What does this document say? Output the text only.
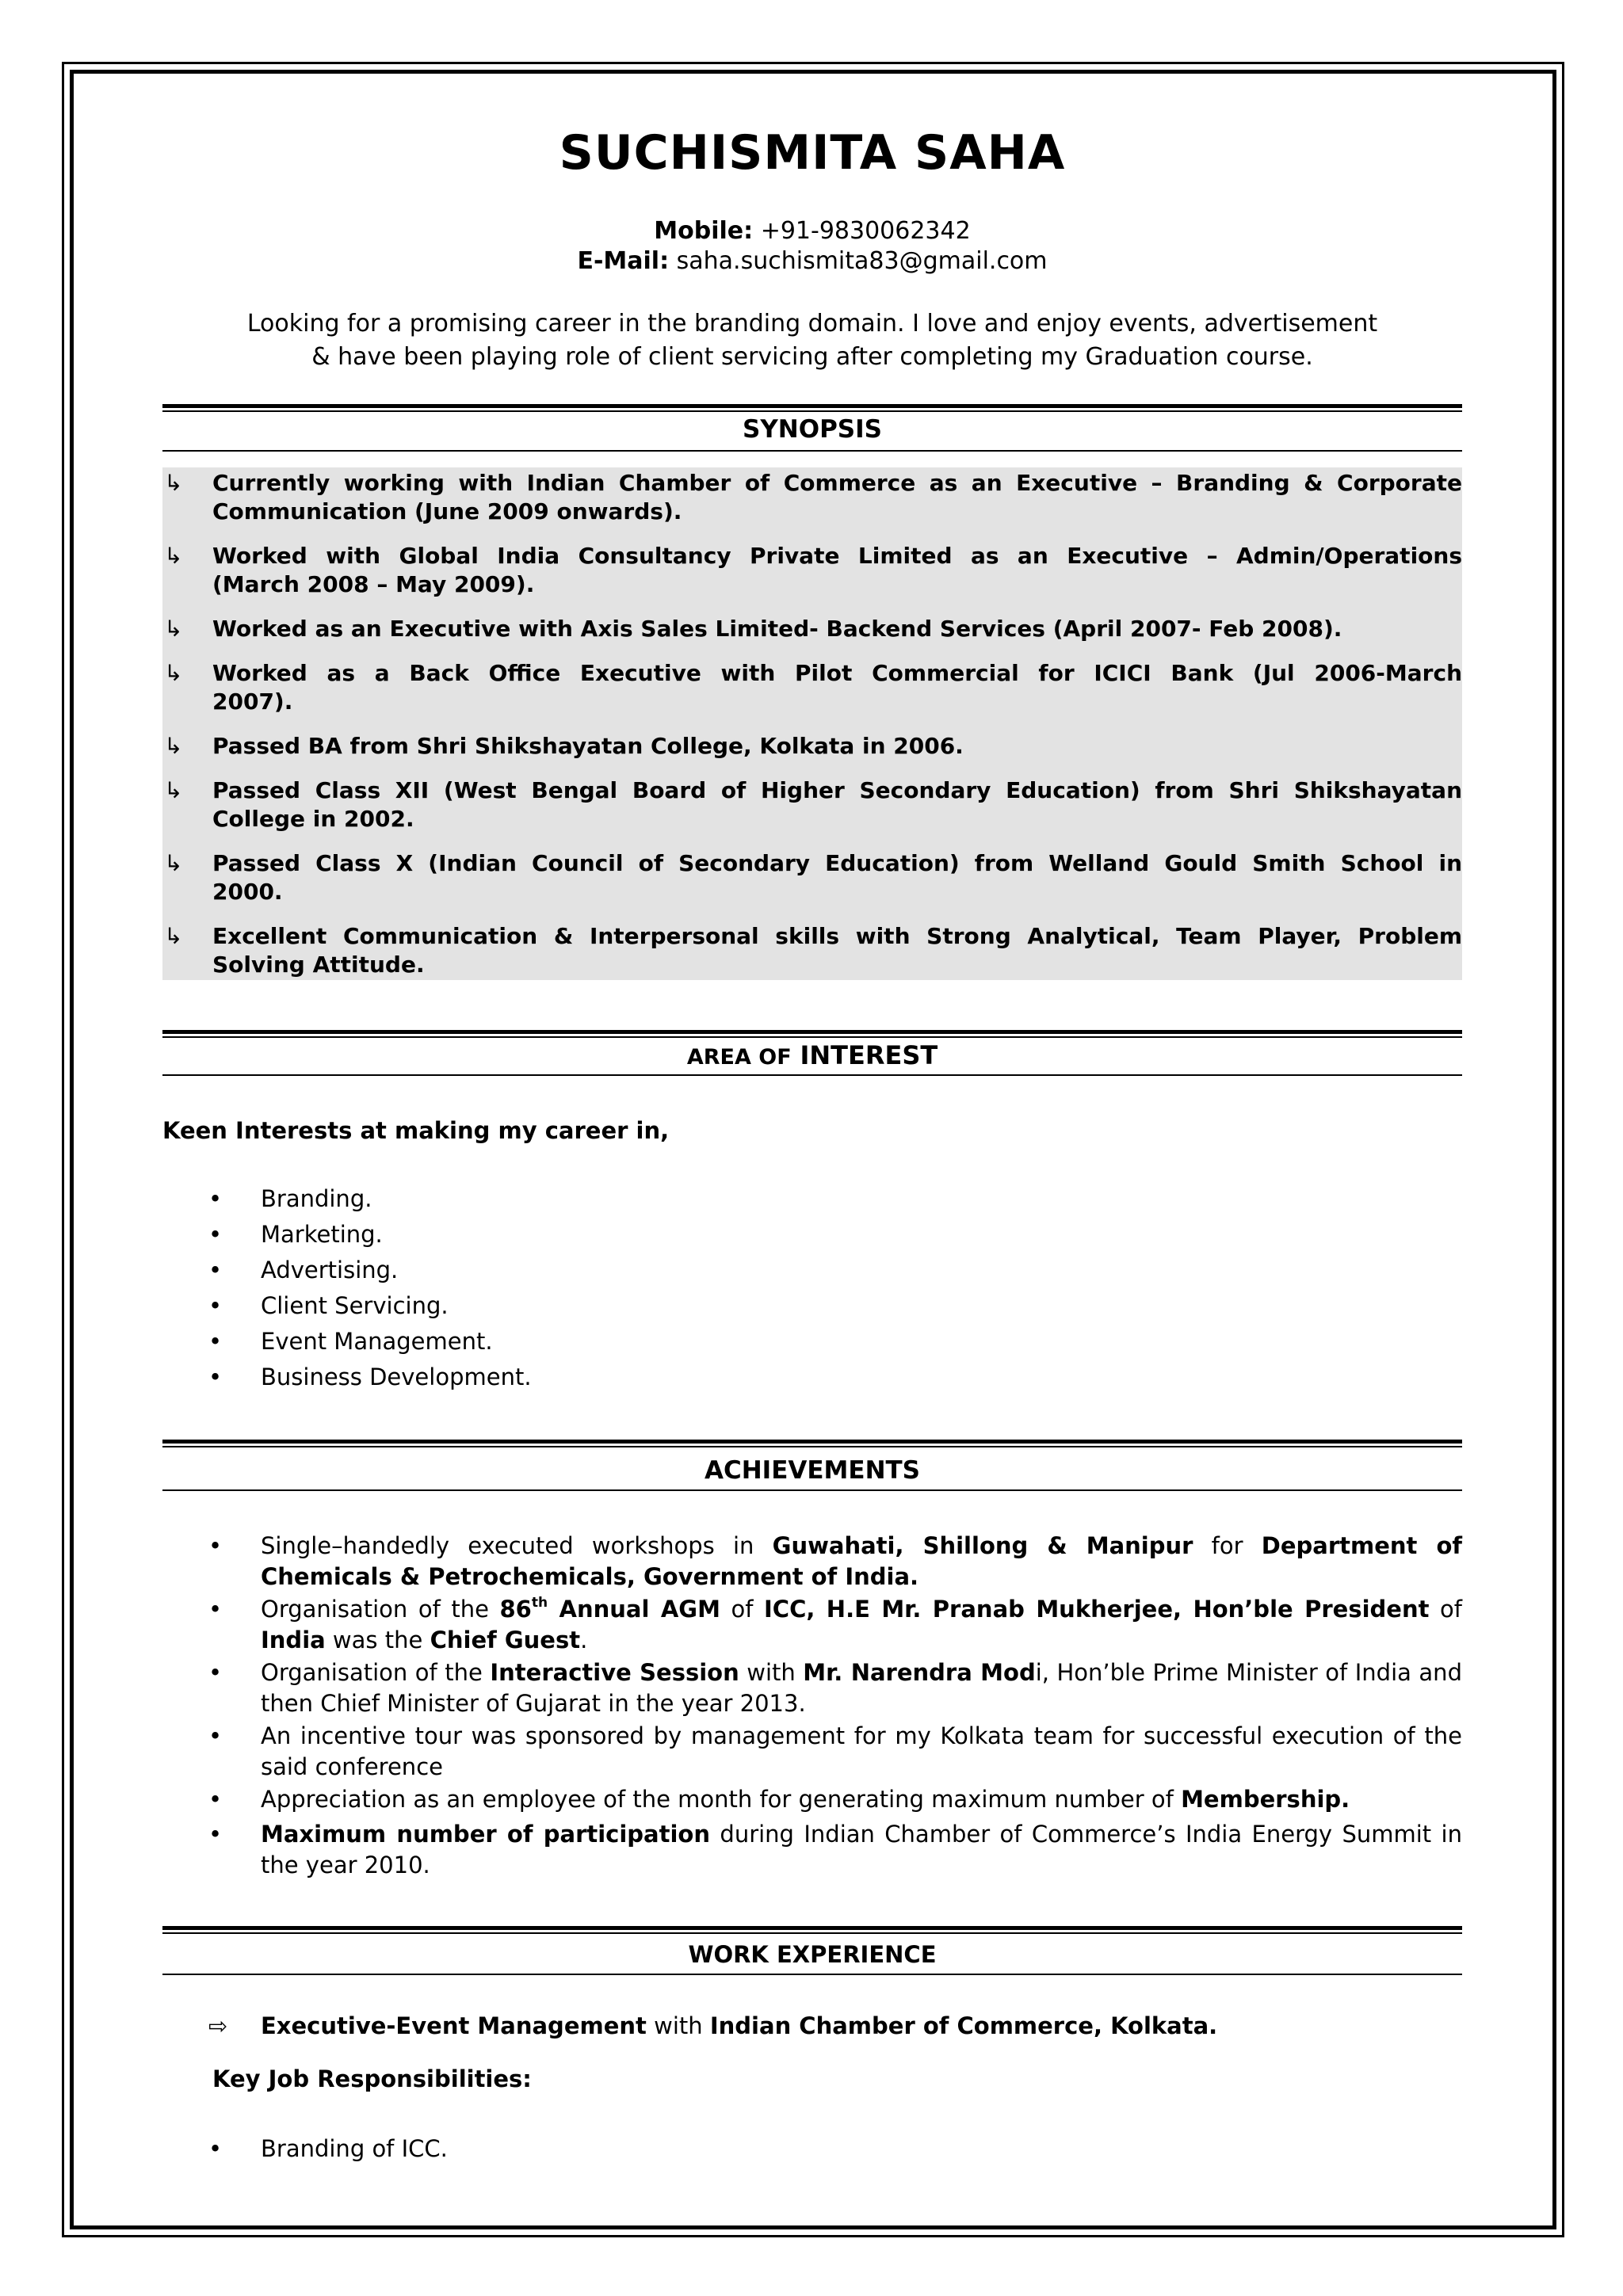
SUCHISMITA SAHA
Mobile: +91-9830062342
E-Mail: saha.suchismita83@gmail.com
Looking for a promising career in the branding domain. I love and enjoy events, advertisement
& have been playing role of client servicing after completing my Graduation course.
SYNOPSIS
↳ Currently working with Indian Chamber of Commerce as an Executive – Branding & Corporate
Communication (June 2009 onwards).
↳ Worked with Global India Consultancy Private Limited as an Executive – Admin/Operations
(March 2008 – May 2009).
↳ Worked as an Executive with Axis Sales Limited- Backend Services (April 2007- Feb 2008).
↳ Worked as a Back Office Executive with Pilot Commercial for ICICI Bank (Jul 2006-March
2007).
↳ Passed BA from Shri Shikshayatan College, Kolkata in 2006.
↳ Passed Class XII (West Bengal Board of Higher Secondary Education) from Shri Shikshayatan
College in 2002.
↳ Passed Class X (Indian Council of Secondary Education) from Welland Gould Smith School in
2000.
↳ Excellent Communication & Interpersonal skills with Strong Analytical, Team Player, Problem
Solving Attitude.
AREA OF INTEREST
Keen Interests at making my career in,
• Branding.
• Marketing.
• Advertising.
• Client Servicing.
• Event Management.
• Business Development.
ACHIEVEMENTS
• Single–handedly executed workshops in Guwahati, Shillong & Manipur for Department of Chemicals & Petrochemicals, Government of India.
• Organisation of the 86th Annual AGM of ICC, H.E Mr. Pranab Mukherjee, Hon’ble President of India was the Chief Guest.
• Organisation of the Interactive Session with Mr. Narendra Modi, Hon’ble Prime Minister of India and then Chief Minister of Gujarat in the year 2013.
• An incentive tour was sponsored by management for my Kolkata team for successful execution of the said conference
• Appreciation as an employee of the month for generating maximum number of Membership.
• Maximum number of participation during Indian Chamber of Commerce’s India Energy Summit in the year 2010.
WORK EXPERIENCE
⇨ Executive-Event Management with Indian Chamber of Commerce, Kolkata.
Key Job Responsibilities:
• Branding of ICC.
